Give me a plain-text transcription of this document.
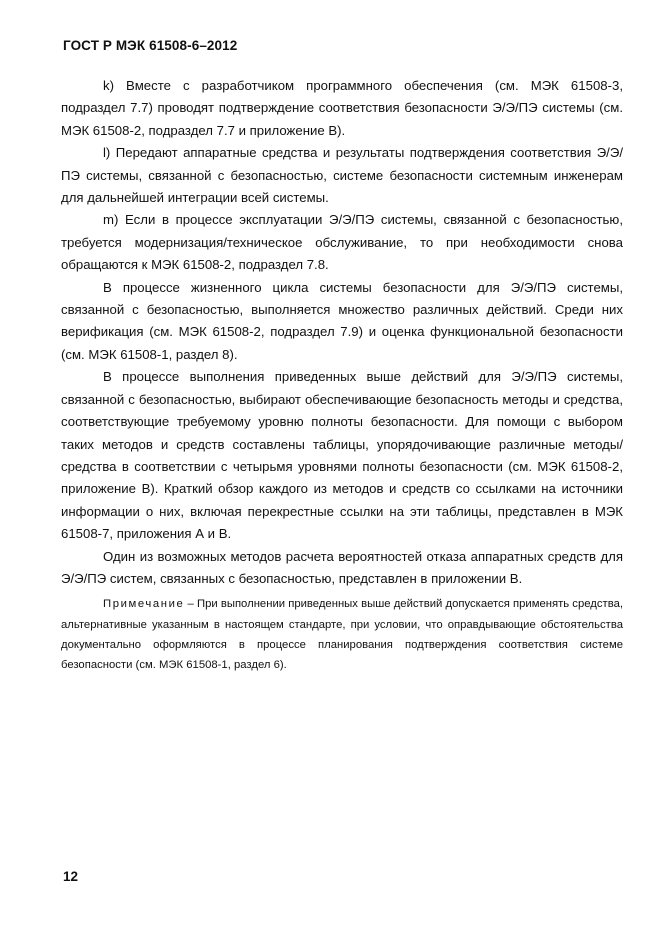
ГОСТ Р МЭК 61508-6–2012

k) Вместе с разработчиком программного обеспечения (см. МЭК 61508-3, подраздел 7.7) проводят подтверждение соответствия безопасности Э/Э/ПЭ системы (см. МЭК 61508-2, подраздел 7.7 и приложение В).

l) Передают аппаратные средства и результаты подтверждения соответствия Э/Э/ПЭ системы, связанной с безопасностью, системе безопасности системным инженерам для дальнейшей интеграции всей системы.

m) Если в процессе эксплуатации Э/Э/ПЭ системы, связанной с безопасностью, требуется модернизация/техническое обслуживание, то при необходимости снова обращаются к МЭК 61508-2, подраздел 7.8.

В процессе жизненного цикла системы безопасности для Э/Э/ПЭ системы, связанной с безопасностью, выполняется множество различных действий. Среди них верификация (см. МЭК 61508-2, подраздел 7.9) и оценка функциональной безопасности (см. МЭК 61508-1, раздел 8).

В процессе выполнения приведенных выше действий для Э/Э/ПЭ системы, связанной с безопасностью, выбирают обеспечивающие безопасность методы и средства, соответствующие требуемому уровню полноты безопасности. Для помощи с выбором таких методов и средств составлены таблицы, упорядочивающие различные методы/средства в соответствии с четырьмя уровнями полноты безопасности (см. МЭК 61508-2, приложение В). Краткий обзор каждого из методов и средств со ссылками на источники информации о них, включая перекрестные ссылки на эти таблицы, представлен в МЭК 61508-7, приложения А и В.

Один из возможных методов расчета вероятностей отказа аппаратных средств для Э/Э/ПЭ систем, связанных с безопасностью, представлен в приложении В.

Примечание – При выполнении приведенных выше действий допускается применять средства, альтернативные указанным в настоящем стандарте, при условии, что оправдывающие обстоятельства документально оформляются в процессе планирования подтверждения соответствия системе безопасности (см. МЭК 61508-1, раздел 6).

12
